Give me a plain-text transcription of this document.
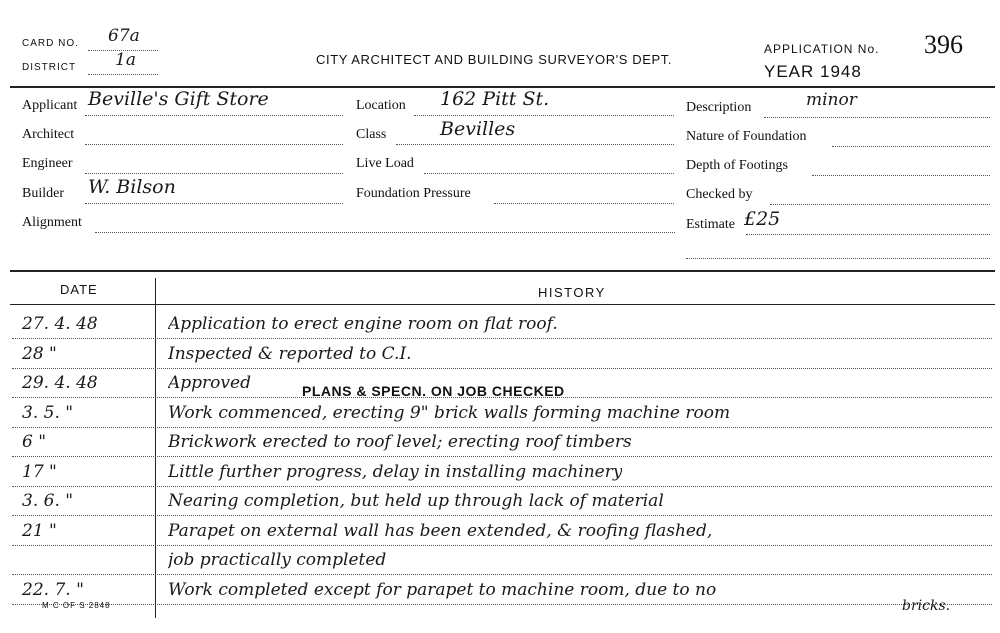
CARD NO. 67a
DISTRICT 1a	CITY ARCHITECT AND BUILDING SURVEYOR'S DEPT.
APPLICATION No. 396
YEAR 1948
Applicant Beville's Gift Store
Architect
Engineer
Builder W. Bilson
Alignment
Location 162 Pitt St.
Class	Bevilles
Live Load
Foundation Pressure
Description	minor
Nature of Foundation
Depth of Footings
Checked by
Estimate £25
DATE	HISTORY
27. 4. 48	Application to erect engine room on flat roof.
28 "	Inspected & reported to C.I.
29. 4. 48	Approved
3. 5. "	Work commenced, erecting 9" brick walls forming machine room
6 "	Brickwork erected to roof level; erecting roof timbers
17 "	Little further progress, delay in installing machinery
3. 6. "	Nearing completion, but held up through lack of material
21 "	Parapet on external wall has been extended, & roofing flashed,
job practically completed
22. 7. "	Work completed except for parapet to machine room, due to no
PLANS & SPECN. ON JOB CHECKED
bricks.
M C OF S 2848
